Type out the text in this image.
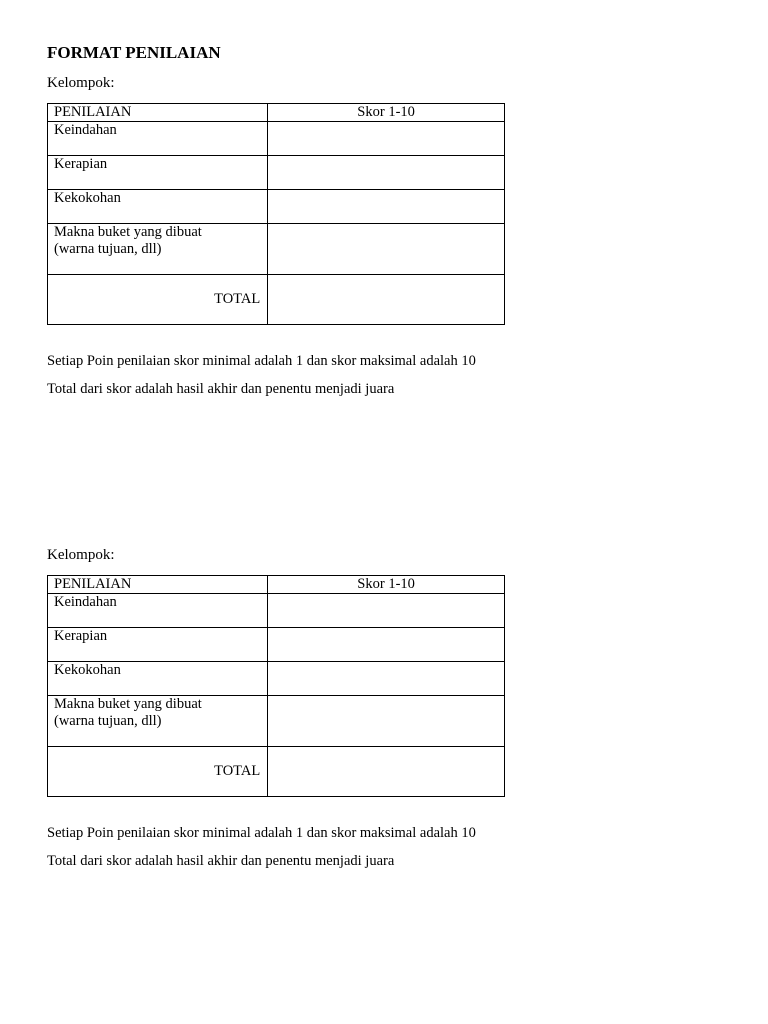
FORMAT PENILAIAN

Kelompok:

PENILAIAN	Skor 1-10
Keindahan	
Kerapian	
Kekokohan	

Makna buket yang dibuat
(warna tujuan, dll)	

TOTAL	

Setiap Poin penilaian skor minimal adalah 1 dan skor maksimal adalah 10

Total dari skor adalah hasil akhir dan penentu menjadi juara

Kelompok:

PENILAIAN	Skor 1-10
Keindahan	
Kerapian	
Kekokohan	

Makna buket yang dibuat
(warna tujuan, dll)	

TOTAL	

Setiap Poin penilaian skor minimal adalah 1 dan skor maksimal adalah 10

Total dari skor adalah hasil akhir dan penentu menjadi juara
